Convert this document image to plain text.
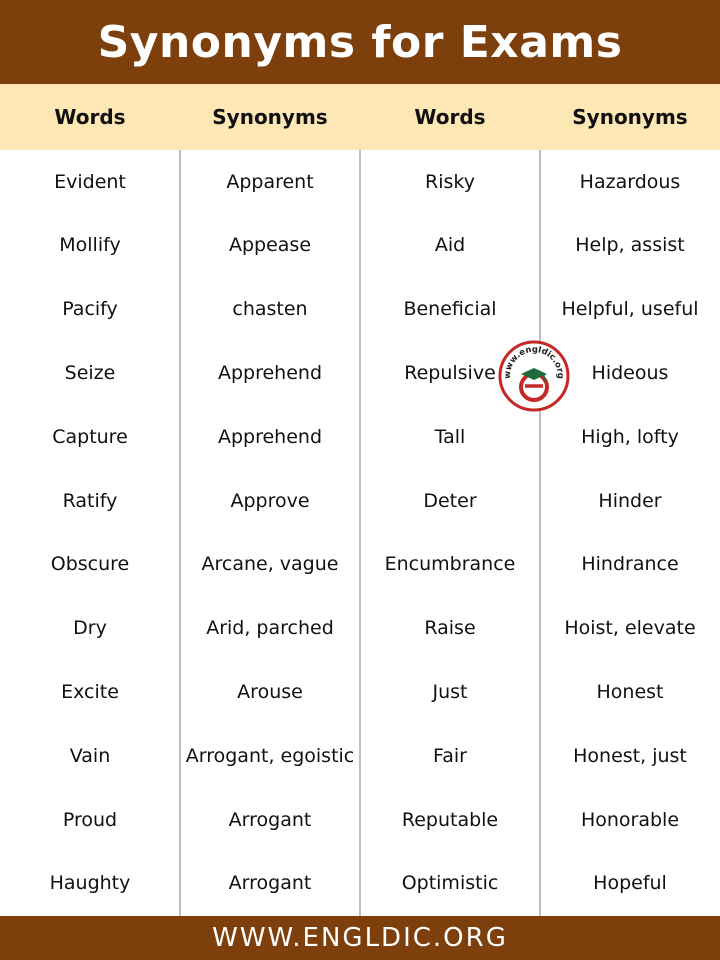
Synonyms for Exams
Words	Synonyms	Words	Synonyms
Evident	Apparent	Risky	Hazardous
Mollify	Appease	Aid	Help, assist
Pacify	chasten	Beneficial	Helpful, useful
Seize	Apprehend	Repulsive	Hideous
Capture	Apprehend	Tall	High, lofty
Ratify	Approve	Deter	Hinder
Obscure	Arcane, vague	Encumbrance	Hindrance
Dry	Arid, parched	Raise	Hoist, elevate
Excite	Arouse	Just	Honest
Vain	Arrogant, egoistic	Fair	Honest, just
Proud	Arrogant	Reputable	Honorable
Haughty	Arrogant	Optimistic	Hopeful
www.engldic.org
WWW.ENGLDIC.ORG
